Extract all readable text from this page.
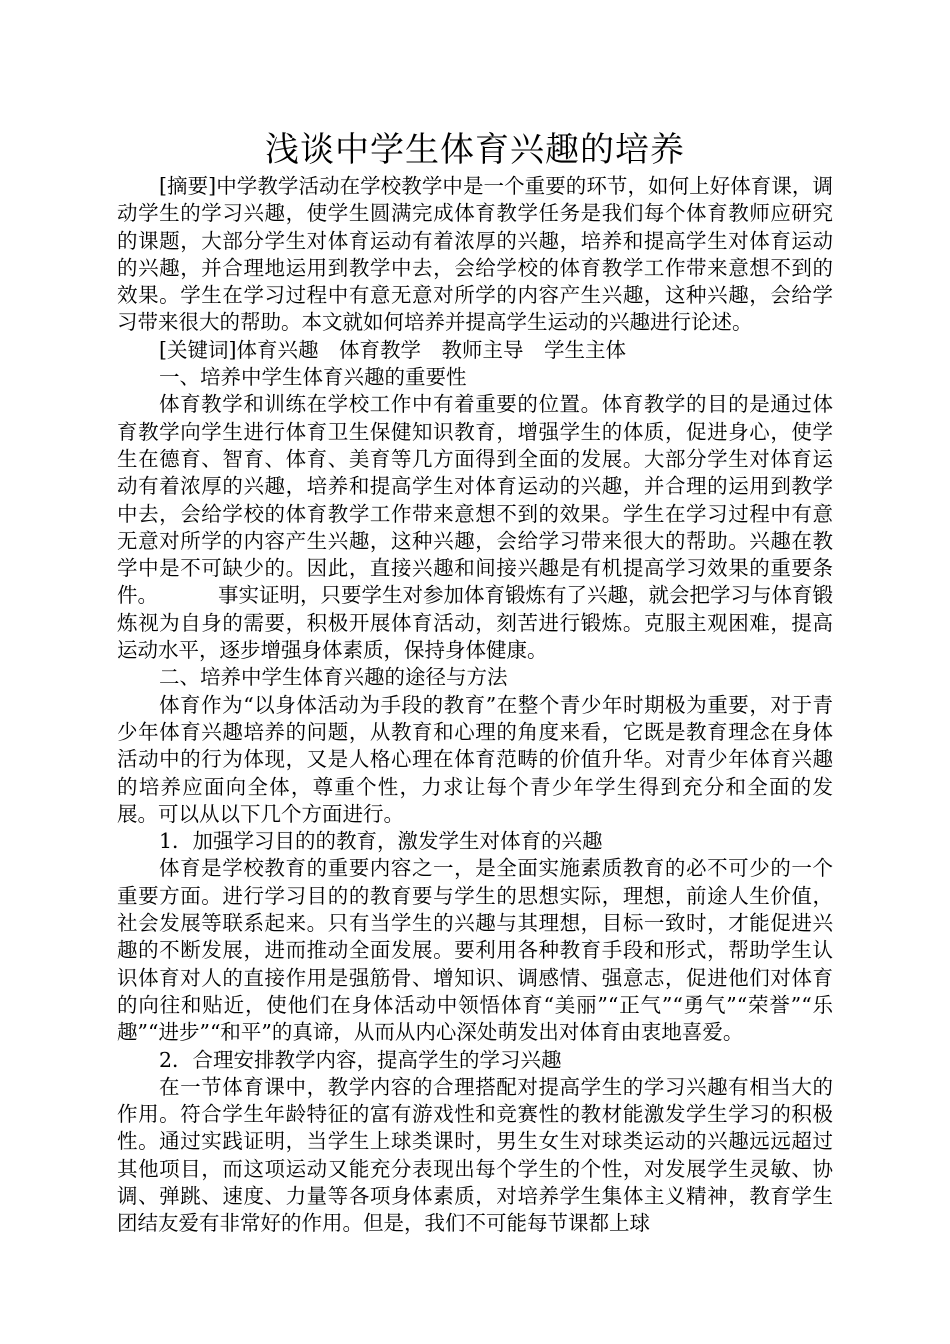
浅谈中学生体育兴趣的培养

[摘要]中学教学活动在学校教学中是一个重要的环节，如何上好体育课，调动学生的学习兴趣，使学生圆满完成体育教学任务是我们每个体育教师应研究的课题，大部分学生对体育运动有着浓厚的兴趣，培养和提高学生对体育运动的兴趣，并合理地运用到教学中去，会给学校的体育教学工作带来意想不到的效果。学生在学习过程中有意无意对所学的内容产生兴趣，这种兴趣，会给学习带来很大的帮助。本文就如何培养并提高学生运动的兴趣进行论述。

[关键词]体育兴趣　体育教学　教师主导　学生主体

一、培养中学生体育兴趣的重要性

体育教学和训练在学校工作中有着重要的位置。体育教学的目的是通过体育教学向学生进行体育卫生保健知识教育，增强学生的体质，促进身心，使学生在德育、智育、体育、美育等几方面得到全面的发展。大部分学生对体育运动有着浓厚的兴趣，培养和提高学生对体育运动的兴趣，并合理的运用到教学中去，会给学校的体育教学工作带来意想不到的效果。学生在学习过程中有意无意对所学的内容产生兴趣，这种兴趣，会给学习带来很大的帮助。兴趣在教学中是不可缺少的。因此，直接兴趣和间接兴趣是有机提高学习效果的重要条件。	事实证明，只要学生对参加体育锻炼有了兴趣，就会把学习与体育锻炼视为自身的需要，积极开展体育活动，刻苦进行锻炼。克服主观困难，提高运动水平，逐步增强身体素质，保持身体健康。

二、培养中学生体育兴趣的途径与方法

体育作为“以身体活动为手段的教育”在整个青少年时期极为重要，对于青少年体育兴趣培养的问题，从教育和心理的角度来看，它既是教育理念在身体活动中的行为体现，又是人格心理在体育范畴的价值升华。对青少年体育兴趣的培养应面向全体，尊重个性，力求让每个青少年学生得到充分和全面的发展。可以从以下几个方面进行。

1．加强学习目的的教育，激发学生对体育的兴趣

体育是学校教育的重要内容之一，是全面实施素质教育的必不可少的一个重要方面。进行学习目的的教育要与学生的思想实际，理想，前途人生价值，社会发展等联系起来。只有当学生的兴趣与其理想，目标一致时，才能促进兴趣的不断发展，进而推动全面发展。要利用各种教育手段和形式，帮助学生认识体育对人的直接作用是强筋骨、增知识、调感情、强意志，促进他们对体育的向往和贴近，使他们在身体活动中领悟体育“美丽”“正气”“勇气”“荣誉”“乐趣”“进步”“和平”的真谛，从而从内心深处萌发出对体育由衷地喜爱。

2．合理安排教学内容，提高学生的学习兴趣

在一节体育课中，教学内容的合理搭配对提高学生的学习兴趣有相当大的作用。符合学生年龄特征的富有游戏性和竞赛性的教材能激发学生学习的积极性。通过实践证明，当学生上球类课时，男生女生对球类运动的兴趣远远超过其他项目，而这项运动又能充分表现出每个学生的个性，对发展学生灵敏、协调、弹跳、速度、力量等各项身体素质，对培养学生集体主义精神，教育学生团结友爱有非常好的作用。但是，我们不可能每节课都上球
